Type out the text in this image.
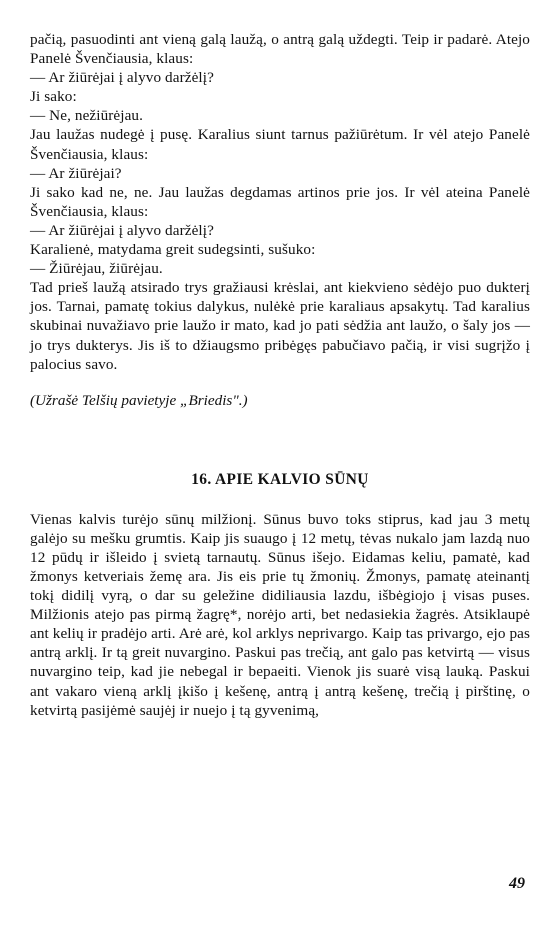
pačią, pasuodinti ant vieną galą laužą, o antrą galą uždegti. Teip ir padarė. Atejo Panelė Švenčiausia, klaus:

— Ar žiūrėjai į alyvo daržėlį?

Ji sako:

— Ne, nežiūrėjau.

Jau laužas nudegė į pusę. Karalius siunt tarnus pažiūrėtum. Ir vėl atejo Panelė Švenčiausia, klaus:

— Ar žiūrėjai?

Ji sako kad ne, ne. Jau laužas degdamas artinos prie jos. Ir vėl ateina Panelė Švenčiausia, klaus:

— Ar žiūrėjai į alyvo daržėlį?

Karalienė, matydama greit sudegsinti, sušuko:

— Žiūrėjau, žiūrėjau.

Tad prieš laužą atsirado trys gražiausi krėslai, ant kiekvieno sėdėjo puo dukterį jos. Tarnai, pamatę tokius dalykus, nulėkė prie karaliaus apsakytų. Tad karalius skubinai nuvažiavo prie laužo ir mato, kad jo pati sėdžia ant laužo, o šaly jos — jo trys dukterys. Jis iš to džiaugsmo pribėgęs pabučiavo pačią, ir visi sugrįžo į palocius savo.

(Užrašė Telšių pavietyje „Briedis".)

16. APIE KALVIO SŪNŲ

Vienas kalvis turėjo sūnų milžionį. Sūnus buvo toks stiprus, kad jau 3 metų galėjo su mešku grumtis. Kaip jis suaugo į 12 metų, tėvas nukalo jam lazdą nuo 12 pūdų ir išleido į svietą tarnautų. Sūnus išejo. Eidamas keliu, pamatė, kad žmonys ketveriais žemę ara. Jis eis prie tų žmonių. Žmonys, pamatę ateinantį tokį didilį vyrą, o dar su geležine didiliausia lazdu, išbėgiojo į visas puses. Milžionis atejo pas pirmą žagrę*, norėjo arti, bet nedasiekia žagrės. Atsiklaupė ant kelių ir pradėjo arti. Arė arė, kol arklys neprivargo. Kaip tas privargo, ejo pas antrą arklį. Ir tą greit nuvargino. Paskui pas trečią, ant galo pas ketvirtą — visus nuvargino teip, kad jie nebegal ir bepaeiti. Vienok jis suarė visą lauką. Paskui ant vakaro vieną arklį įkišo į kešenę, antrą į antrą kešenę, trečią į pirštinę, o ketvirtą pasijėmė saujėj ir nuejo į tą gyvenimą,

49
